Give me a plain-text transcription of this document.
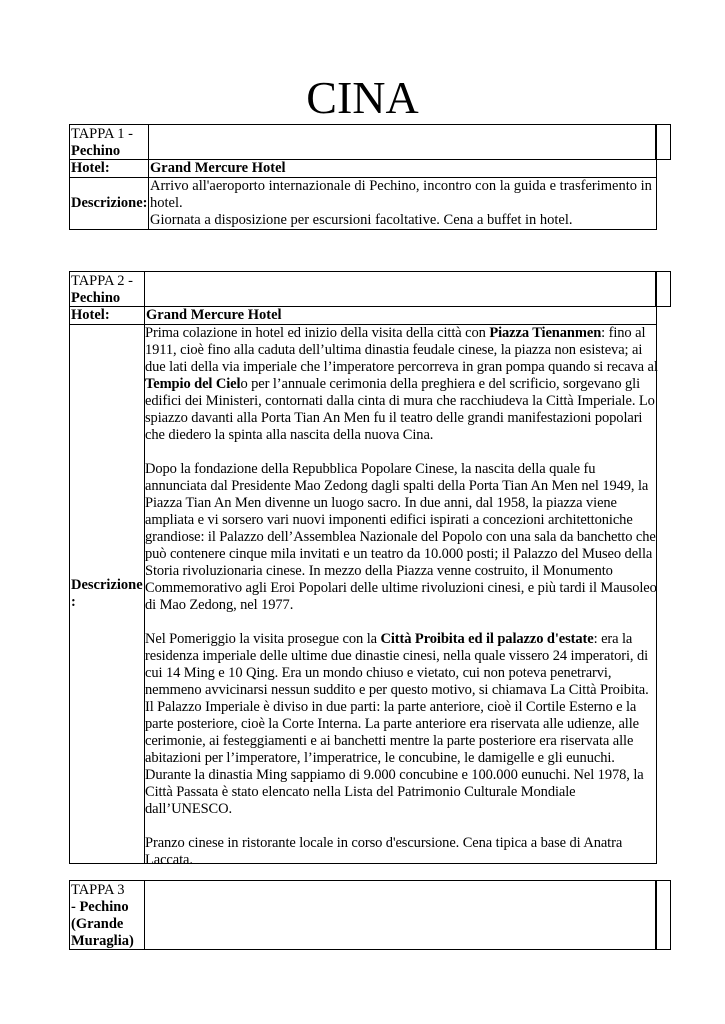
CINA
TAPPA 1 -
Pechino
Hotel:	Grand Mercure Hotel
Descrizione:
Arrivo all'aeroporto internazionale di Pechino, incontro con la guida e trasferimento in
hotel.
Giornata a disposizione per escursioni facoltative. Cena a buffet in hotel.
TAPPA 2 -
Pechino
Hotel:	Grand Mercure Hotel
Descrizione
:

Prima colazione in hotel ed inizio della visita della città con Piazza Tienanmen: fino al 1911, cioè fino alla caduta dell’ultima dinastia feudale cinese, la piazza non esisteva; ai due lati della via imperiale che l’imperatore percorreva in gran pompa quando si recava al Tempio del Cielo per l’annuale cerimonia della preghiera e del scrificio, sorgevano gli edifici dei Ministeri, contornati dalla cinta di mura che racchiudeva la Città Imperiale. Lo spiazzo davanti alla Porta Tian An Men fu il teatro delle grandi manifestazioni popolari che diedero la spinta alla nascita della nuova Cina.

Dopo la fondazione della Repubblica Popolare Cinese, la nascita della quale fu annunciata dal Presidente Mao Zedong dagli spalti della Porta Tian An Men nel 1949, la Piazza Tian An Men divenne un luogo sacro. In due anni, dal 1958, la piazza viene ampliata e vi sorsero vari nuovi imponenti edifici ispirati a concezioni architettoniche grandiose: il Palazzo dell’Assemblea Nazionale del Popolo con una sala da banchetto che può contenere cinque mila invitati e un teatro da 10.000 posti; il Palazzo del Museo della Storia rivoluzionaria cinese. In mezzo della Piazza venne costruito, il Monumento Commemorativo agli Eroi Popolari delle ultime rivoluzioni cinesi, e più tardi il Mausoleo di Mao Zedong, nel 1977.

Nel Pomeriggio la visita prosegue con la Città Proibita ed il palazzo d'estate: era la residenza imperiale delle ultime due dinastie cinesi, nella quale vissero 24 imperatori, di cui 14 Ming e 10 Qing. Era un mondo chiuso e vietato, cui non poteva penetrarvi, nemmeno avvicinarsi nessun suddito e per questo motivo, si chiamava La Città Proibita. Il Palazzo Imperiale è diviso in due parti: la parte anteriore, cioè il Cortile Esterno e la parte posteriore, cioè la Corte Interna. La parte anteriore era riservata alle udienze, alle cerimonie, ai festeggiamenti e ai banchetti mentre la parte posteriore era riservata alle abitazioni per l’imperatore, l’imperatrice, le concubine, le damigelle e gli eunuchi. Durante la dinastia Ming sappiamo di 9.000 concubine e 100.000 eunuchi. Nel 1978, la Città Passata è stato elencato nella Lista del Patrimonio Culturale Mondiale dall’UNESCO.

Pranzo cinese in ristorante locale in corso d'escursione. Cena tipica a base di Anatra Laccata.

TAPPA 3
- Pechino
(Grande
Muraglia)
